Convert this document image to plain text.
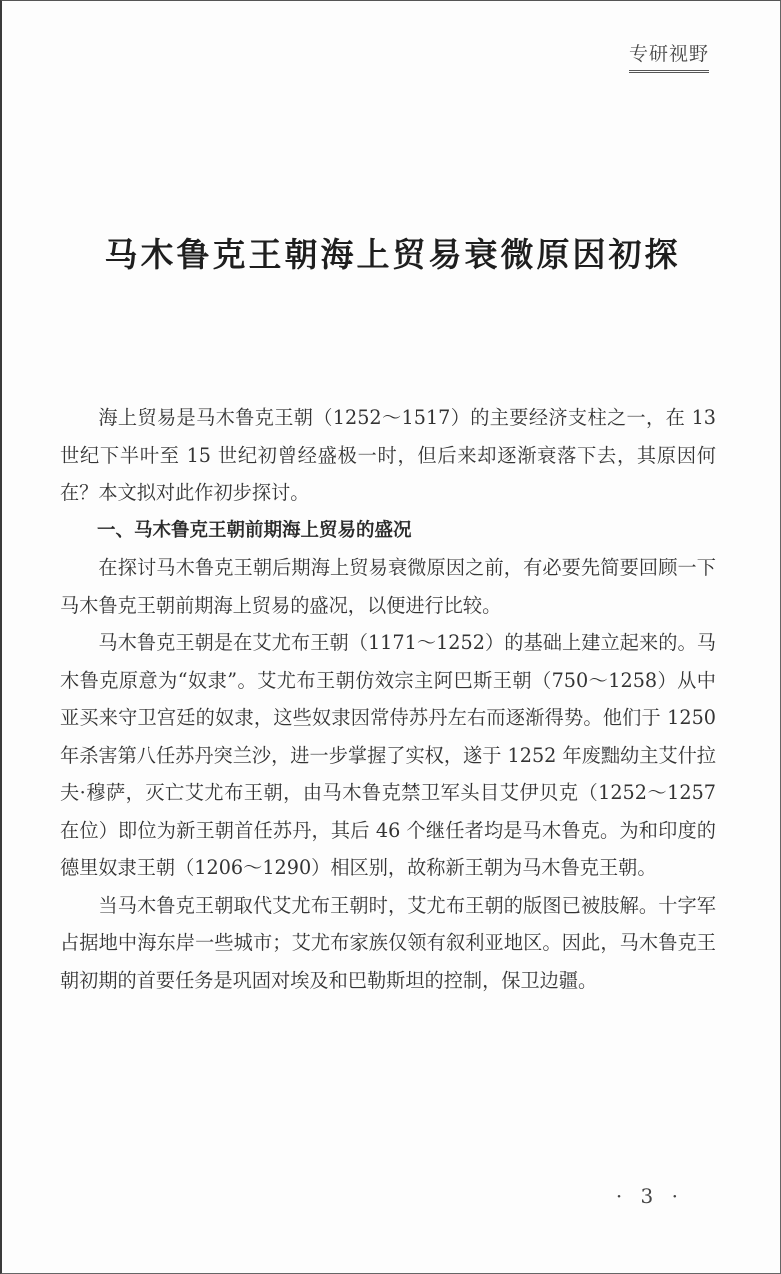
专研视野
马木鲁克王朝海上贸易衰微原因初探

海上贸易是马木鲁克王朝（1252～1517）的主要经济支柱之一，在 13 世纪下半叶至 15 世纪初曾经盛极一时，但后来却逐渐衰落下去，其原因何在？本文拟对此作初步探讨。

一、马木鲁克王朝前期海上贸易的盛况

在探讨马木鲁克王朝后期海上贸易衰微原因之前，有必要先简要回顾一下马木鲁克王朝前期海上贸易的盛况，以便进行比较。

马木鲁克王朝是在艾尤布王朝（1171～1252）的基础上建立起来的。马木鲁克原意为“奴隶”。艾尤布王朝仿效宗主阿巴斯王朝（750～1258）从中亚买来守卫宫廷的奴隶，这些奴隶因常侍苏丹左右而逐渐得势。他们于 1250 年杀害第八任苏丹突兰沙，进一步掌握了实权，遂于 1252 年废黜幼主艾什拉夫·穆萨，灭亡艾尤布王朝，由马木鲁克禁卫军头目艾伊贝克（1252～1257 在位）即位为新王朝首任苏丹，其后 46 个继任者均是马木鲁克。为和印度的德里奴隶王朝（1206～1290）相区别，故称新王朝为马木鲁克王朝。

当马木鲁克王朝取代艾尤布王朝时，艾尤布王朝的版图已被肢解。十字军占据地中海东岸一些城市；艾尤布家族仅领有叙利亚地区。因此，马木鲁克王朝初期的首要任务是巩固对埃及和巴勒斯坦的控制，保卫边疆。

· 3 ·
